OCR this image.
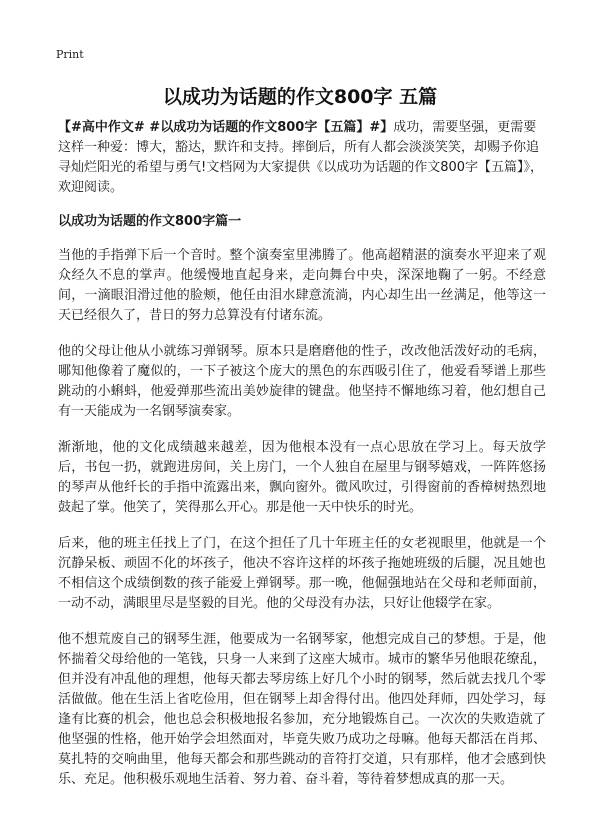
Print
以成功为话题的作文800字 五篇

【#高中作文# #以成功为话题的作文800字【五篇】#】成功，需要坚强，更需要这样一种爱：博大，豁达，默许和支持。摔倒后，所有人都会淡淡笑笑，却赐予你追寻灿烂阳光的希望与勇气!文档网为大家提供《以成功为话题的作文800字【五篇】》，欢迎阅读。

以成功为话题的作文800字篇一

当他的手指弹下后一个音时。整个演奏室里沸腾了。他高超精湛的演奏水平迎来了观众经久不息的掌声。他缓慢地直起身来，走向舞台中央，深深地鞠了一躬。不经意间，一滴眼泪滑过他的脸颊，他任由泪水肆意流淌，内心却生出一丝满足，他等这一天已经很久了，昔日的努力总算没有付诸东流。

他的父母让他从小就练习弹钢琴。原本只是磨磨他的性子，改改他活泼好动的毛病，哪知他像着了魔似的，一下子被这个庞大的黑色的东西吸引住了，他爱看琴谱上那些跳动的小蝌蚪，他爱弹那些流出美妙旋律的键盘。他坚持不懈地练习着，他幻想自己有一天能成为一名钢琴演奏家。

渐渐地，他的文化成绩越来越差，因为他根本没有一点心思放在学习上。每天放学后，书包一扔，就跑进房间，关上房门，一个人独自在屋里与钢琴嬉戏，一阵阵悠扬的琴声从他纤长的手指中流露出来，飘向窗外。微风吹过，引得窗前的香樟树热烈地鼓起了掌。他笑了，笑得那么开心。那是他一天中快乐的时光。

后来，他的班主任找上了门，在这个担任了几十年班主任的女老视眼里，他就是一个沉静呆板、顽固不化的坏孩子，他决不容许这样的坏孩子拖她班级的后腿，况且她也不相信这个成绩倒数的孩子能爱上弹钢琴。那一晚，他倔强地站在父母和老师面前，一动不动，满眼里尽是坚毅的目光。他的父母没有办法，只好让他辍学在家。

他不想荒废自己的钢琴生涯，他要成为一名钢琴家，他想完成自己的梦想。于是，他怀揣着父母给他的一笔钱，只身一人来到了这座大城市。城市的繁华另他眼花缭乱，但并没有冲乱他的理想，他每天都去琴房练上好几个小时的钢琴，然后就去找几个零活做做。他在生活上省吃俭用，但在钢琴上却舍得付出。他四处拜师，四处学习，每逢有比赛的机会，他也总会积极地报名参加，充分地锻炼自己。一次次的失败造就了他坚强的性格，他开始学会坦然面对，毕竟失败乃成功之母嘛。他每天都活在肖邦、莫扎特的交响曲里，他每天都会和那些跳动的音符打交道，只有那样，他才会感到快乐、充足。他积极乐观地生活着、努力着、奋斗着，等待着梦想成真的那一天。
